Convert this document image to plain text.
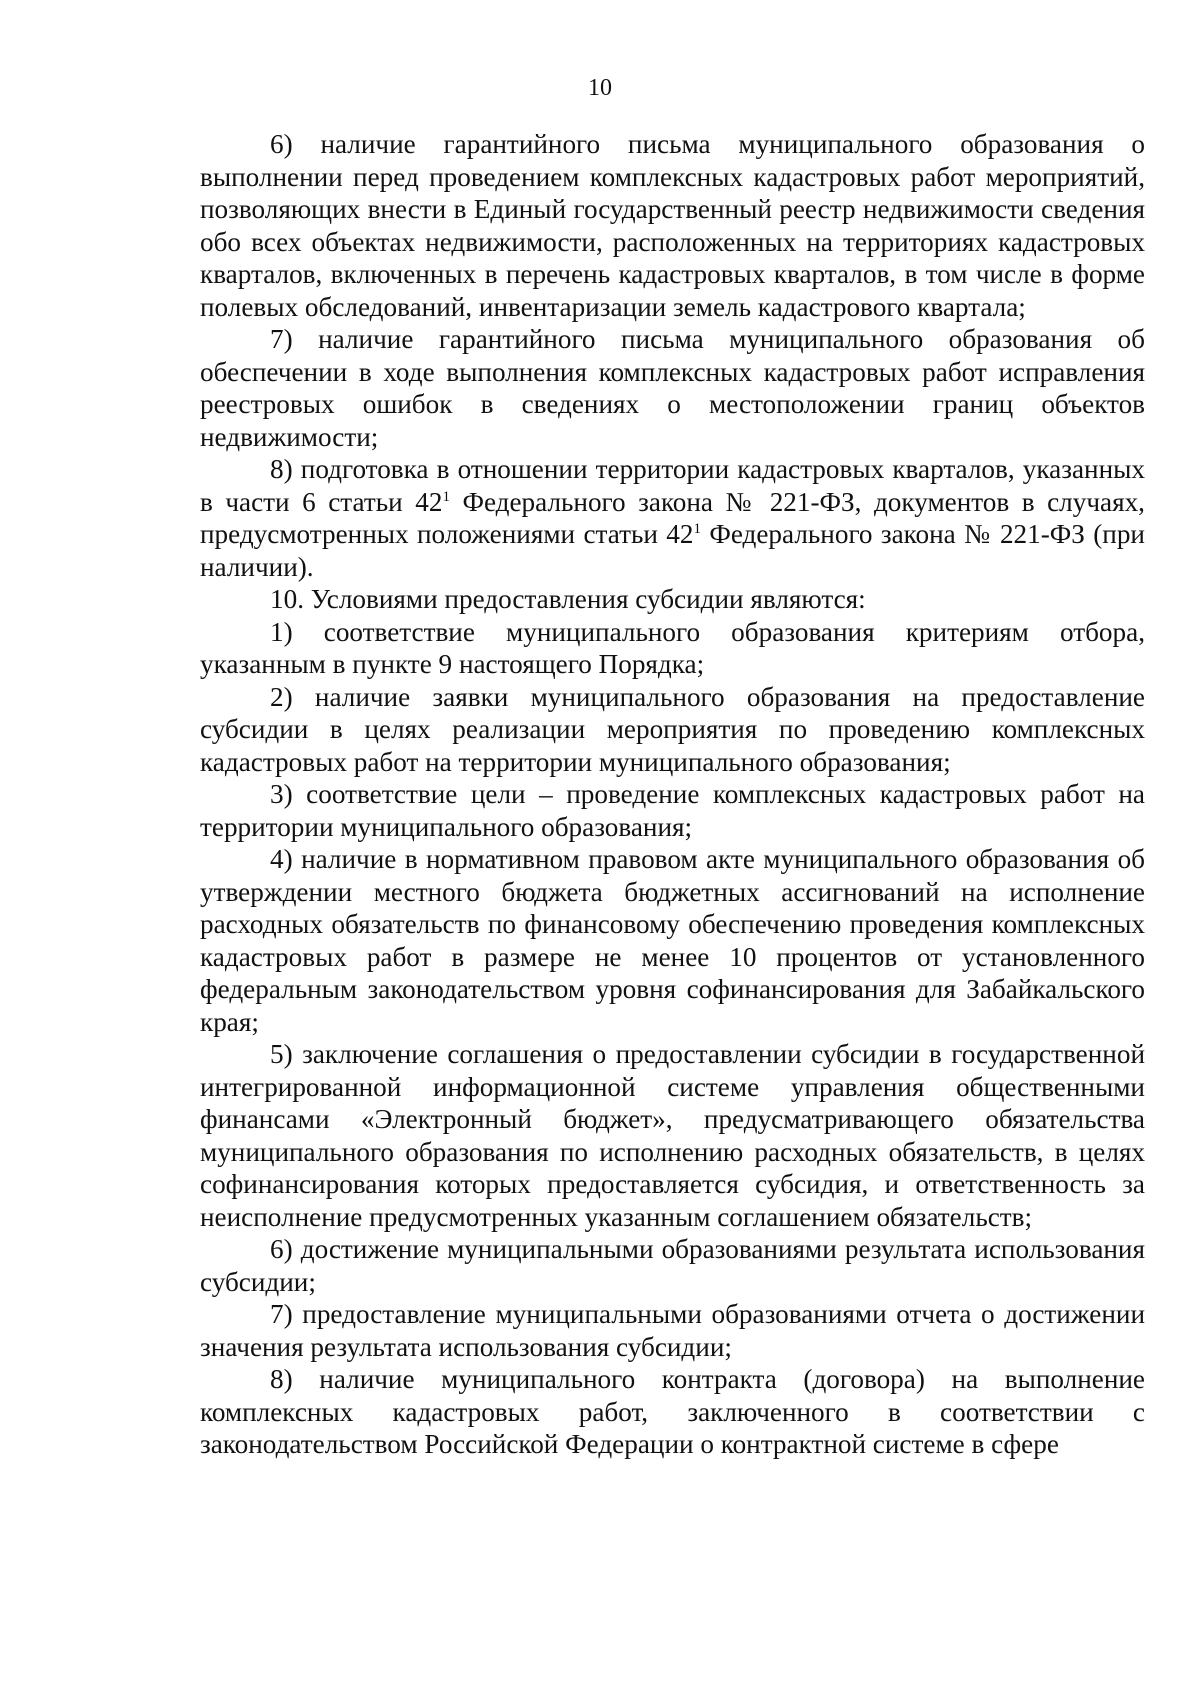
10

6) наличие гарантийного письма муниципального образования о выполнении перед проведением комплексных кадастровых работ мероприятий, позволяющих внести в Единый государственный реестр недвижимости сведения обо всех объектах недвижимости, расположенных на территориях кадастровых кварталов, включенных в перечень кадастровых кварталов, в том числе в форме полевых обследований, инвентаризации земель кадастрового квартала;

7) наличие гарантийного письма муниципального образования об обеспечении в ходе выполнения комплексных кадастровых работ исправления реестровых ошибок в сведениях о местоположении границ объектов недвижимости;

8) подготовка в отношении территории кадастровых кварталов, указанных в части 6 статьи $42^1$ Федерального закона № 221-ФЗ, документов в случаях, предусмотренных положениями статьи $42^1$ Федерального закона № 221-ФЗ (при наличии).

10. Условиями предоставления субсидии являются:

1) соответствие муниципального образования критериям отбора, указанным в пункте 9 настоящего Порядка;

2) наличие заявки муниципального образования на предоставление субсидии в целях реализации мероприятия по проведению комплексных кадастровых работ на территории муниципального образования;

3) соответствие цели – проведение комплексных кадастровых работ на территории муниципального образования;

4) наличие в нормативном правовом акте муниципального образования об утверждении местного бюджета бюджетных ассигнований на исполнение расходных обязательств по финансовому обеспечению проведения комплексных кадастровых работ в размере не менее 10 процентов от установленного федеральным законодательством уровня софинансирования для Забайкальского края;

5) заключение соглашения о предоставлении субсидии в государственной интегрированной информационной системе управления общественными финансами «Электронный бюджет», предусматривающего обязательства муниципального образования по исполнению расходных обязательств, в целях софинансирования которых предоставляется субсидия, и ответственность за неисполнение предусмотренных указанным соглашением обязательств;

6) достижение муниципальными образованиями результата использования субсидии;

7) предоставление муниципальными образованиями отчета о достижении значения результата использования субсидии;

8) наличие муниципального контракта (договора) на выполнение комплексных кадастровых работ, заключенного в соответствии с законодательством Российской Федерации о контрактной системе в сфере
